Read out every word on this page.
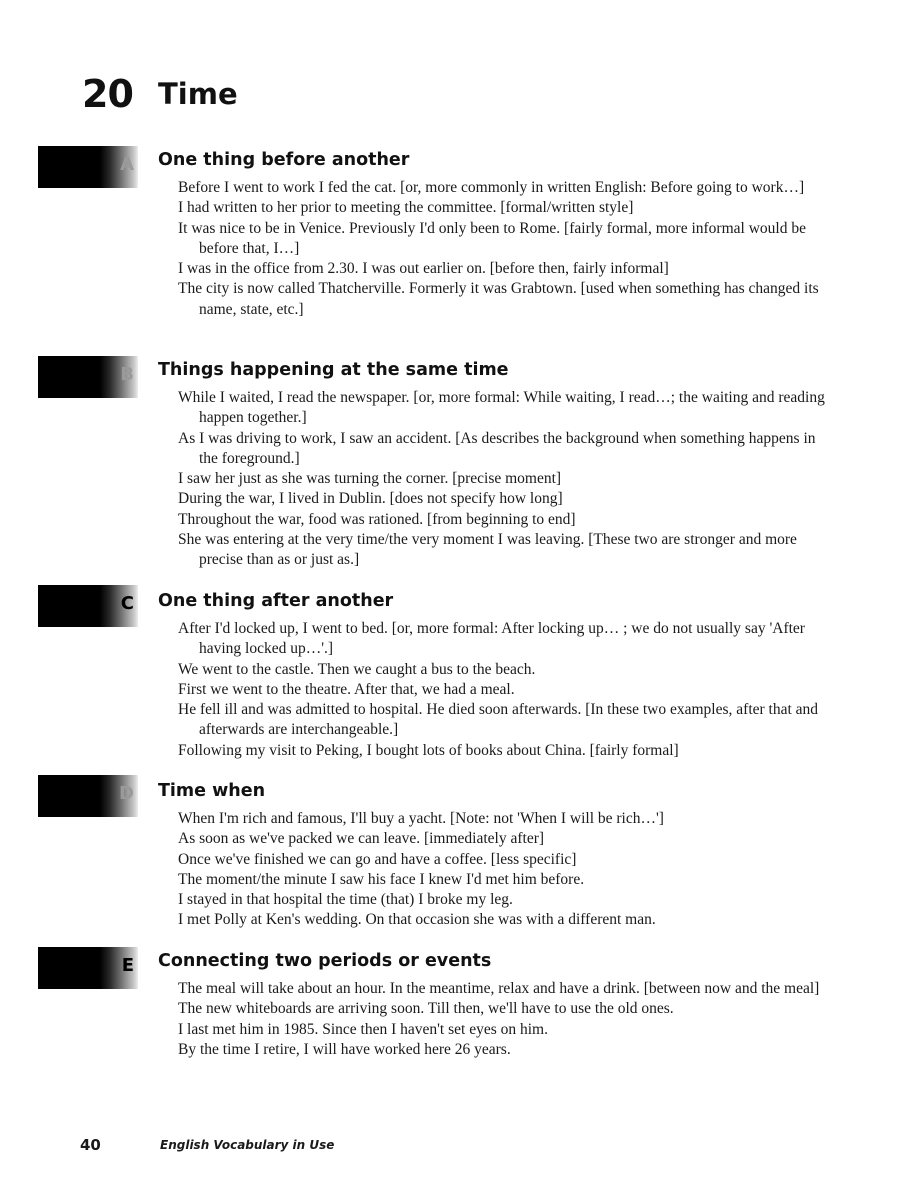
20 Time
A One thing before another

Before I went to work I fed the cat. [or, more commonly in written English: Before going to work…]

I had written to her prior to meeting the committee. [formal/written style]

It was nice to be in Venice. Previously I'd only been to Rome. [fairly formal, more informal would be before that, I…]

I was in the office from 2.30. I was out earlier on. [before then, fairly informal]

The city is now called Thatcherville. Formerly it was Grabtown. [used when something has changed its name, state, etc.]

B Things happening at the same time

While I waited, I read the newspaper. [or, more formal: While waiting, I read…; the waiting and reading happen together.]

As I was driving to work, I saw an accident. [As describes the background when something happens in the foreground.]

I saw her just as she was turning the corner. [precise moment]

During the war, I lived in Dublin. [does not specify how long]

Throughout the war, food was rationed. [from beginning to end]

She was entering at the very time/the very moment I was leaving. [These two are stronger and more precise than as or just as.]

C One thing after another

After I'd locked up, I went to bed. [or, more formal: After locking up… ; we do not usually say 'After having locked up…'.]

We went to the castle. Then we caught a bus to the beach.

First we went to the theatre. After that, we had a meal.

He fell ill and was admitted to hospital. He died soon afterwards. [In these two examples, after that and afterwards are interchangeable.]

Following my visit to Peking, I bought lots of books about China. [fairly formal]

D Time when

When I'm rich and famous, I'll buy a yacht. [Note: not 'When I will be rich…']

As soon as we've packed we can leave. [immediately after]

Once we've finished we can go and have a coffee. [less specific]

The moment/the minute I saw his face I knew I'd met him before.

I stayed in that hospital the time (that) I broke my leg.

I met Polly at Ken's wedding. On that occasion she was with a different man.

E Connecting two periods or events

The meal will take about an hour. In the meantime, relax and have a drink. [between now and the meal]

The new whiteboards are arriving soon. Till then, we'll have to use the old ones.

I last met him in 1985. Since then I haven't set eyes on him.

By the time I retire, I will have worked here 26 years.

40	English Vocabulary in Use
